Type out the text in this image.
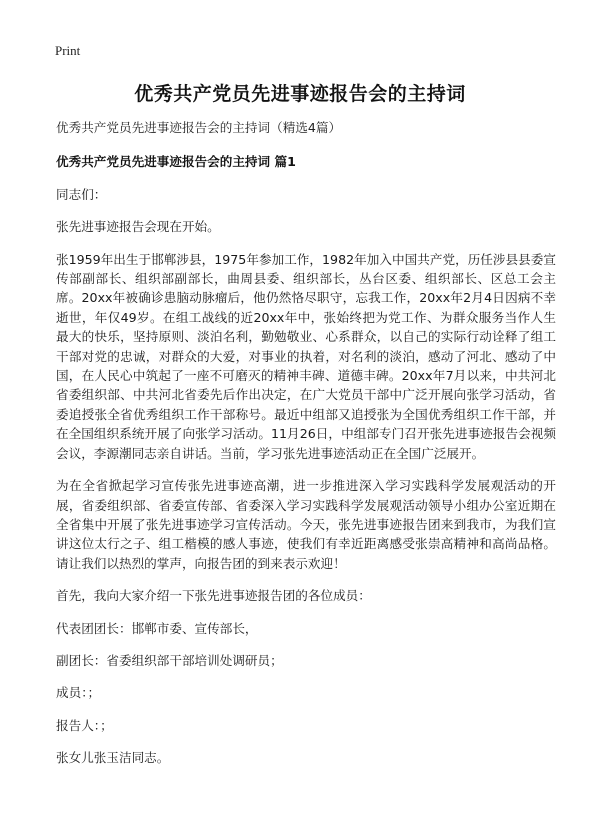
Print
优秀共产党员先进事迹报告会的主持词

优秀共产党员先进事迹报告会的主持词（精选4篇）

优秀共产党员先进事迹报告会的主持词 篇1

同志们：

张先进事迹报告会现在开始。

张1959年出生于邯郸涉县，1975年参加工作，1982年加入中国共产党，历任涉县县委宣传部副部长、组织部副部长，曲周县委、组织部长，丛台区委、组织部长、区总工会主席。20xx年被确诊患脑动脉瘤后，他仍然恪尽职守，忘我工作，20xx年2月4日因病不幸逝世，年仅49岁。在组工战线的近20xx年中，张始终把为党工作、为群众服务当作人生最大的快乐，坚持原则、淡泊名利，勤勉敬业、心系群众，以自己的实际行动诠释了组工干部对党的忠诚，对群众的大爱，对事业的执着，对名利的淡泊，感动了河北、感动了中国，在人民心中筑起了一座不可磨灭的精神丰碑、道德丰碑。20xx年7月以来，中共河北省委组织部、中共河北省委先后作出决定，在广大党员干部中广泛开展向张学习活动，省委追授张全省优秀组织工作干部称号。最近中组部又追授张为全国优秀组织工作干部，并在全国组织系统开展了向张学习活动。11月26日，中组部专门召开张先进事迹报告会视频会议，李源潮同志亲自讲话。当前，学习张先进事迹活动正在全国广泛展开。

为在全省掀起学习宣传张先进事迹高潮，进一步推进深入学习实践科学发展观活动的开展，省委组织部、省委宣传部、省委深入学习实践科学发展观活动领导小组办公室近期在全省集中开展了张先进事迹学习宣传活动。今天，张先进事迹报告团来到我市，为我们宣讲这位太行之子、组工楷模的感人事迹，使我们有幸近距离感受张崇高精神和高尚品格。请让我们以热烈的掌声，向报告团的到来表示欢迎！

首先，我向大家介绍一下张先进事迹报告团的各位成员：

代表团团长：邯郸市委、宣传部长，

副团长：省委组织部干部培训处调研员；

成员：；

报告人：；

张女儿张玉洁同志。
